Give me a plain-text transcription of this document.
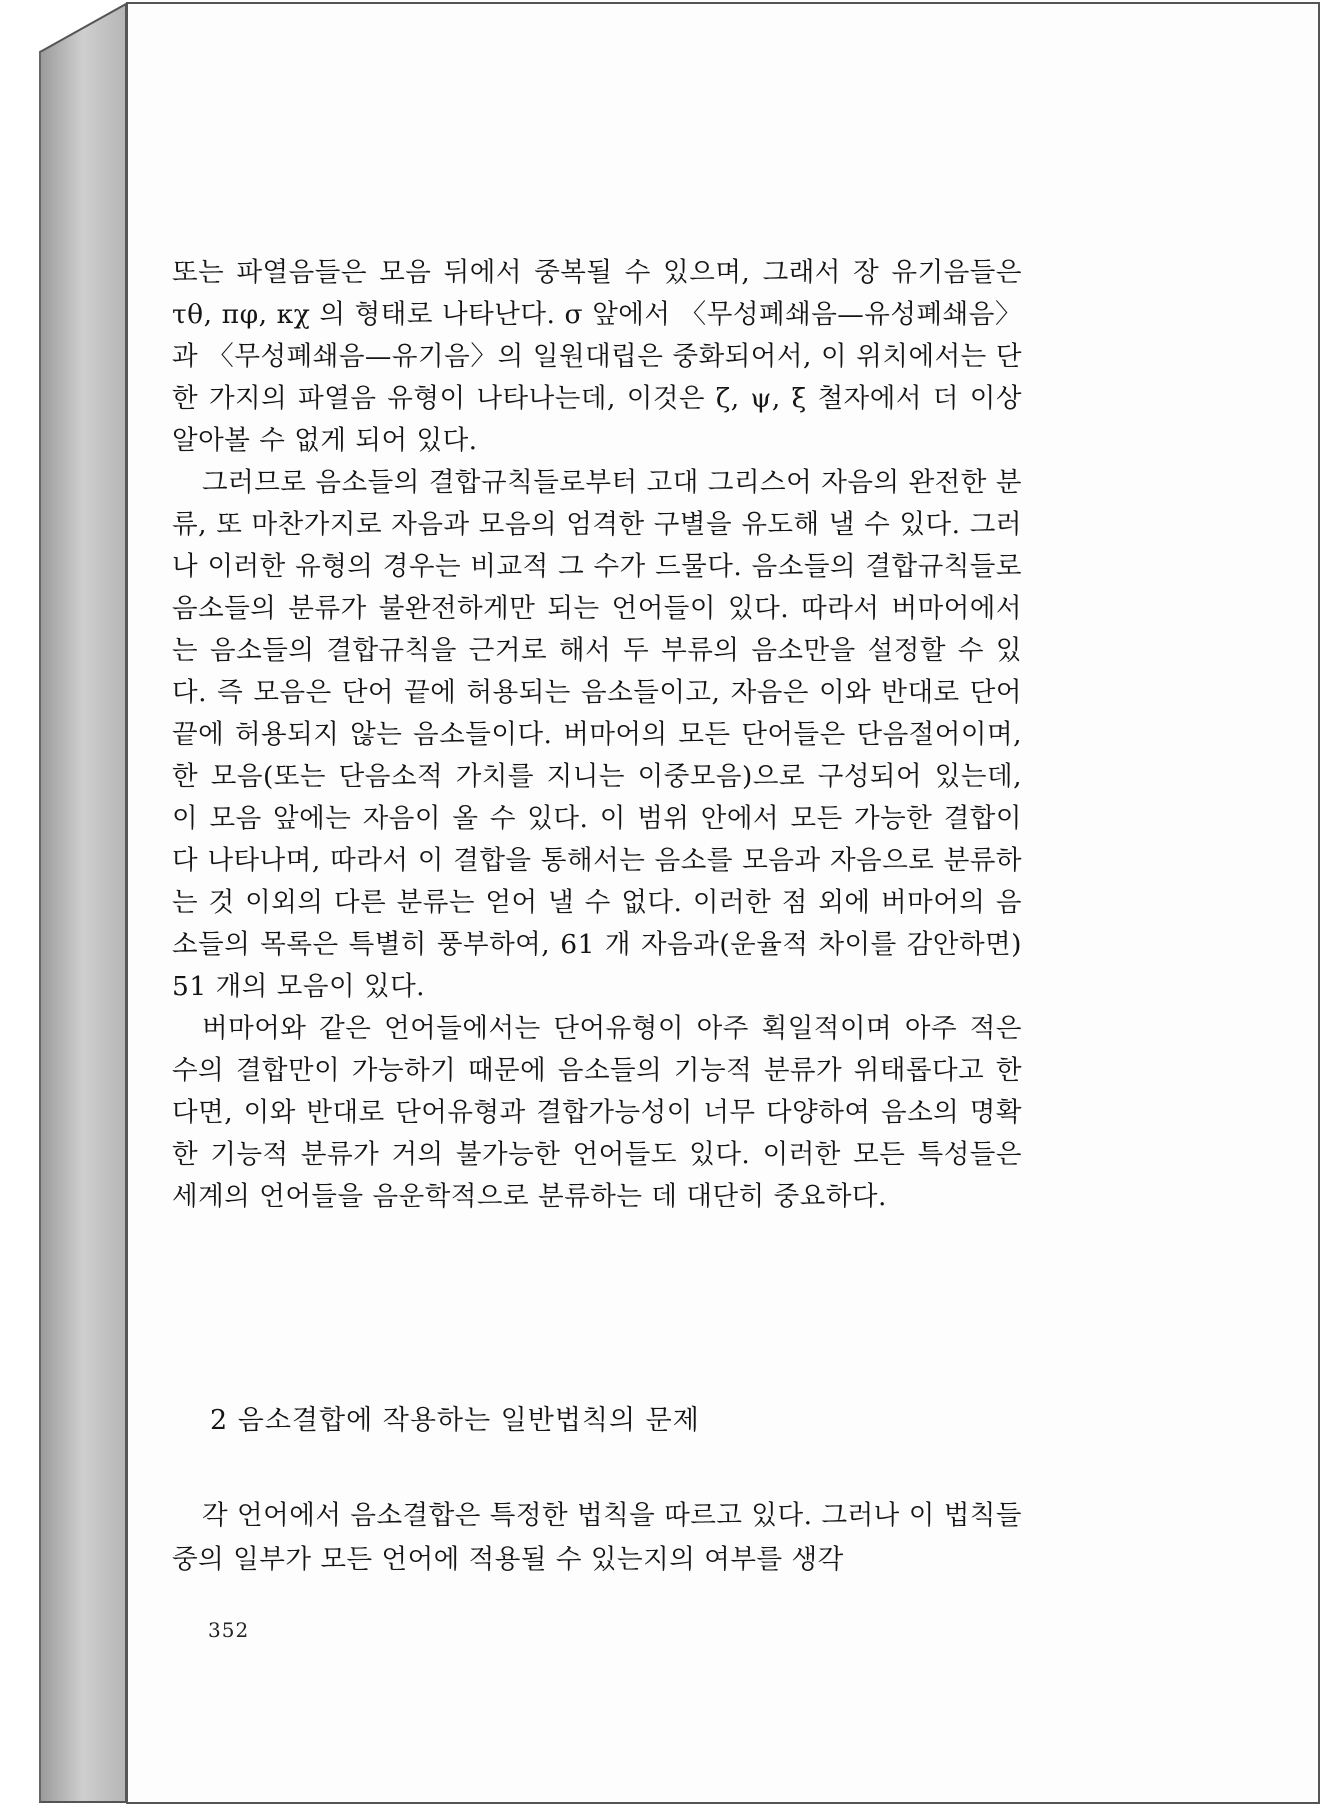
또는 파열음들은 모음 뒤에서 중복될 수 있으며, 그래서 장 유기음들은 τθ, πφ, κχ 의 형태로 나타난다. σ 앞에서 〈무성폐쇄음—유성폐쇄음〉과 〈무성폐쇄음—유기음〉의 일원대립은 중화되어서, 이 위치에서는 단 한 가지의 파열음 유형이 나타나는데, 이것은 ζ, ψ, ξ 철자에서 더 이상 알아볼 수 없게 되어 있다.

그러므로 음소들의 결합규칙들로부터 고대 그리스어 자음의 완전한 분류, 또 마찬가지로 자음과 모음의 엄격한 구별을 유도해 낼 수 있다. 그러나 이러한 유형의 경우는 비교적 그 수가 드물다. 음소들의 결합규칙들로 음소들의 분류가 불완전하게만 되는 언어들이 있다. 따라서 버마어에서는 음소들의 결합규칙을 근거로 해서 두 부류의 음소만을 설정할 수 있다. 즉 모음은 단어 끝에 허용되는 음소들이고, 자음은 이와 반대로 단어 끝에 허용되지 않는 음소들이다. 버마어의 모든 단어들은 단음절어이며, 한 모음(또는 단음소적 가치를 지니는 이중모음)으로 구성되어 있는데, 이 모음 앞에는 자음이 올 수 있다. 이 범위 안에서 모든 가능한 결합이 다 나타나며, 따라서 이 결합을 통해서는 음소를 모음과 자음으로 분류하는 것 이외의 다른 분류는 얻어 낼 수 없다. 이러한 점 외에 버마어의 음소들의 목록은 특별히 풍부하여, 61 개 자음과(운율적 차이를 감안하면) 51 개의 모음이 있다.

버마어와 같은 언어들에서는 단어유형이 아주 획일적이며 아주 적은 수의 결합만이 가능하기 때문에 음소들의 기능적 분류가 위태롭다고 한다면, 이와 반대로 단어유형과 결합가능성이 너무 다양하여 음소의 명확한 기능적 분류가 거의 불가능한 언어들도 있다. 이러한 모든 특성들은 세계의 언어들을 음운학적으로 분류하는 데 대단히 중요하다.

2 음소결합에 작용하는 일반법칙의 문제
각 언어에서 음소결합은 특정한 법칙을 따르고 있다. 그러나 이 법칙들 중의 일부가 모든 언어에 적용될 수 있는지의 여부를 생각
352
